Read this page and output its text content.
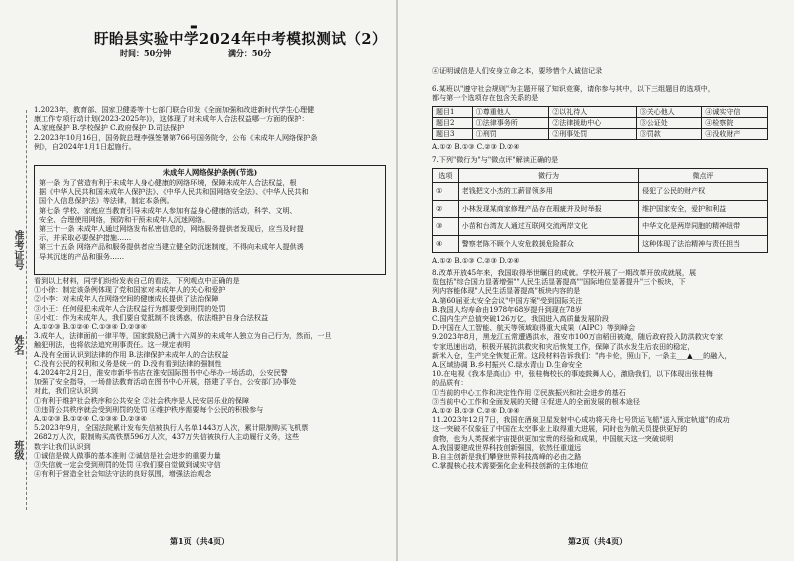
▬
盱眙县实验中学2024年中考模拟测试（2）
时间：50分钟	满分：50分
准考证号
姓名
班级
1.2023年，教育部、国家卫健委等十七部门联合印发《全面加强和改进新时代学生心理健
康工作专项行动计划(2023-2025年)》，这体现了对未成年人合法权益哪一方面的保护：
A.家庭保护 B.学校保护 C.政府保护 D.司法保护
2.2023年10月16日，国务院总理李强签署第766号国务院令，公布《未成年人网络保护条
例》，自2024年1月1日起施行。
未成年人网络保护条例(节选)
第一条 为了营造有利于未成年人身心健康的网络环境，保障未成年人合法权益，根
据《中华人民共和国未成年人保护法》、《中华人民共和国网络安全法》、《中华人民共和
国个人信息保护法》等法律，制定本条例。
第七条 学校、家庭应当教育引导未成年人参加有益身心健康的活动，科学、文明、
安全、合理使用网络，预防和干预未成年人沉迷网络。
第三十一条 未成年人通过网络发布私密信息的，网络服务提供者发现后，应当及时提
示，并采取必要保护措施……
第三十五条 网络产品和服务提供者应当建立健全防沉迷制度，不得向未成年人提供诱
导其沉迷的产品和服务……
看到以上材料，同学们纷纷发表自己的看法，下列观点中正确的是
①小徐：制定该条例体现了党和国家对未成年人的关心和爱护
②小李：对未成年人在网络空间的健康成长提供了法治保障
③小王：任何侵犯未成年人合法权益行为都要受到刑罚的处罚
④小红：作为未成年人，我们要自觉抵制不良诱惑，依法维护自身合法权益
A.①②③ B.①②④ C.①③④ D.②③④
3.成年人，法律面前一律平等，国家鼓励已满十六周岁的未成年人独立为自己行为，然而，一旦
触犯刑法，也将依法追究刑事责任。这一规定表明
A.没有全面认识到法律的作用 B.法律保护未成年人的合法权益
C.没有公民的权利和义务是统一的 D.没有看到法律的强制性
4.2024年2月2日，淮安市新华书店在淮安国际图书中心举办一场活动，公安民警
加强了安全指导，一场普法教育活动在图书中心开展，搭建了平台，公安部门办事处
对此，我们应认识到
①有利于维护社会秩序和公共安全 ②社会秩序是人民安居乐业的保障
③违背公共秩序就会受到刑罚的处罚 ④维护秩序需要每个公民的积极参与
A.①②③ B.①②④ C.①③④ D.②③④
5.2023年9月，全国法院累计发布失信被执行人名单1443万人次，累计限制购买飞机票
2682万人次，限制购买高铁票596万人次，437万失信被执行人主动履行义务，这些
数字让我们认识到
①诚信是做人做事的基本准则 ②诚信是社会进步的重要力量
③失信就一定会受到刑罚的处罚 ④我们要自觉做到诚实守信
④有利于营造全社会知法守法的良好氛围，增强法治观念
第1页（共4页）
④证明诚信是人们安身立命之本，要珍惜个人诚信记录
6.某班以"遵守社会规则"为主题开展了知识竞赛，请你参与其中，以下三组题目的选项中，
都与第一个选项存在包含关系的是
题目1	①尊重他人	②以礼待人	③关心他人	④诚实守信
题目2	①法律事务所	②法律援助中心	③公证处	④检察院
题目3	①刑罚	②刑事处罚	③罚款	④没收财产
A.①② B.①③ C.②③ D.②④
7.下列"微行为"与"微点评"解读正确的是
选项	微行为	微点评
①	老钱把文小杰的工薪冒领多用	侵犯了公民的财产权
②	小林发现某商家修理产品存在瑕疵并及时举报	维护国家安全，爱护和利益
③	小苗和台湾友人通过互联网交流两岸文化	中华文化是两岸同胞的精神纽带
④	警察老陈不顾个人安危救援危险群众	这种体现了法治精神与责任担当
A.①② B.①③ C.②③ D.②④
8.改革开放45年来，我国取得举世瞩目的成就。学校开展了一期改革开放成就展，展
览包括"综合国力显著增强""人民生活显著提高""国际地位显著提升"三个板块，下
列内容能体现"人民生活显著提高"板块内容的是
A.第60届亚太安全会议"中国方案"受到国际关注
B.我国人均寿命由1978年68岁提升到现在78岁
C.国内生产总值突破126万亿，我国进入高质量发展阶段
D.中国在人工智能、航天等领域取得重大成果（AIPC）等到峰会
9.2023年8月，黑龙江五常遭遇洪水，淮安市100万亩稻田被淹，随后政府投入防洪救灾专家
专家迅速出动，积极开展抗洪救灾和灾后恢复工作，保障了洪水发生后农田的稳定，
新米入仓，生产完全恢复正常。这段材料告诉我们："冉卡伦，照山下，一条主___▲___的融入，
A.区域协调 B.乡村振兴 C.绿水青山 D.生命安全
10.在电视《我本是高山》中，张桂梅校长的事迹鼓舞人心，激励我们，以下体现出张桂梅
的品质有：
①当前的中心工作和决定性作用 ②民族振兴和社会进步的基石
③当前中心工作和全面发展的关键 ④促进人的全面发展的根本途径
A.①② B.①③ C.②④ D.③④
11.2023年12月7日，我国在酒泉卫星发射中心成功将天舟七号货运飞船"送入预定轨道"的成功
这一突破不仅象征了中国在太空事业上取得重大进展，同时也为航天员提供更好的
食物，也为人类探索宇宙提供更加宝贵的经验和成果，中国航天这一突破说明
A.我国要建成世界科技创新强国，依然任重道远
B.自主创新是我们攀登世界科技高峰的必由之路
C.掌握核心技术需要强化企业科技创新的主体地位
第2页（共4页）
